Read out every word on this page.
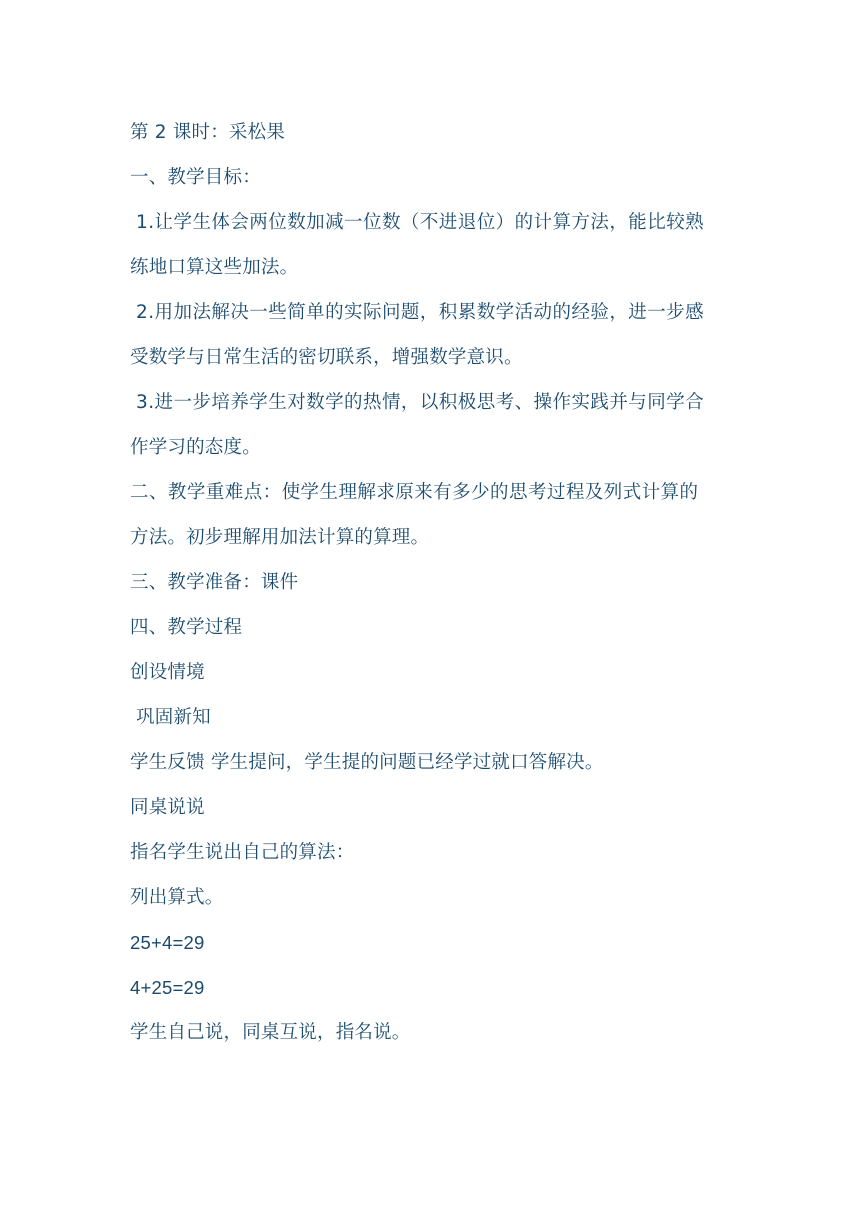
第 2 课时：采松果
一、教学目标：
1.让学生体会两位数加减一位数（不进退位）的计算方法，能比较熟
练地口算这些加法。
2.用加法解决一些简单的实际问题，积累数学活动的经验，进一步感
受数学与日常生活的密切联系，增强数学意识。
3.进一步培养学生对数学的热情，以积极思考、操作实践并与同学合
作学习的态度。
二、教学重难点：使学生理解求原来有多少的思考过程及列式计算的
方法。初步理解用加法计算的算理。
三、教学准备：课件
四、教学过程
创设情境
巩固新知
学生反馈 学生提问，学生提的问题已经学过就口答解决。
同桌说说
指名学生说出自己的算法：
列出算式。
25+4=29
4+25=29
学生自己说，同桌互说，指名说。
